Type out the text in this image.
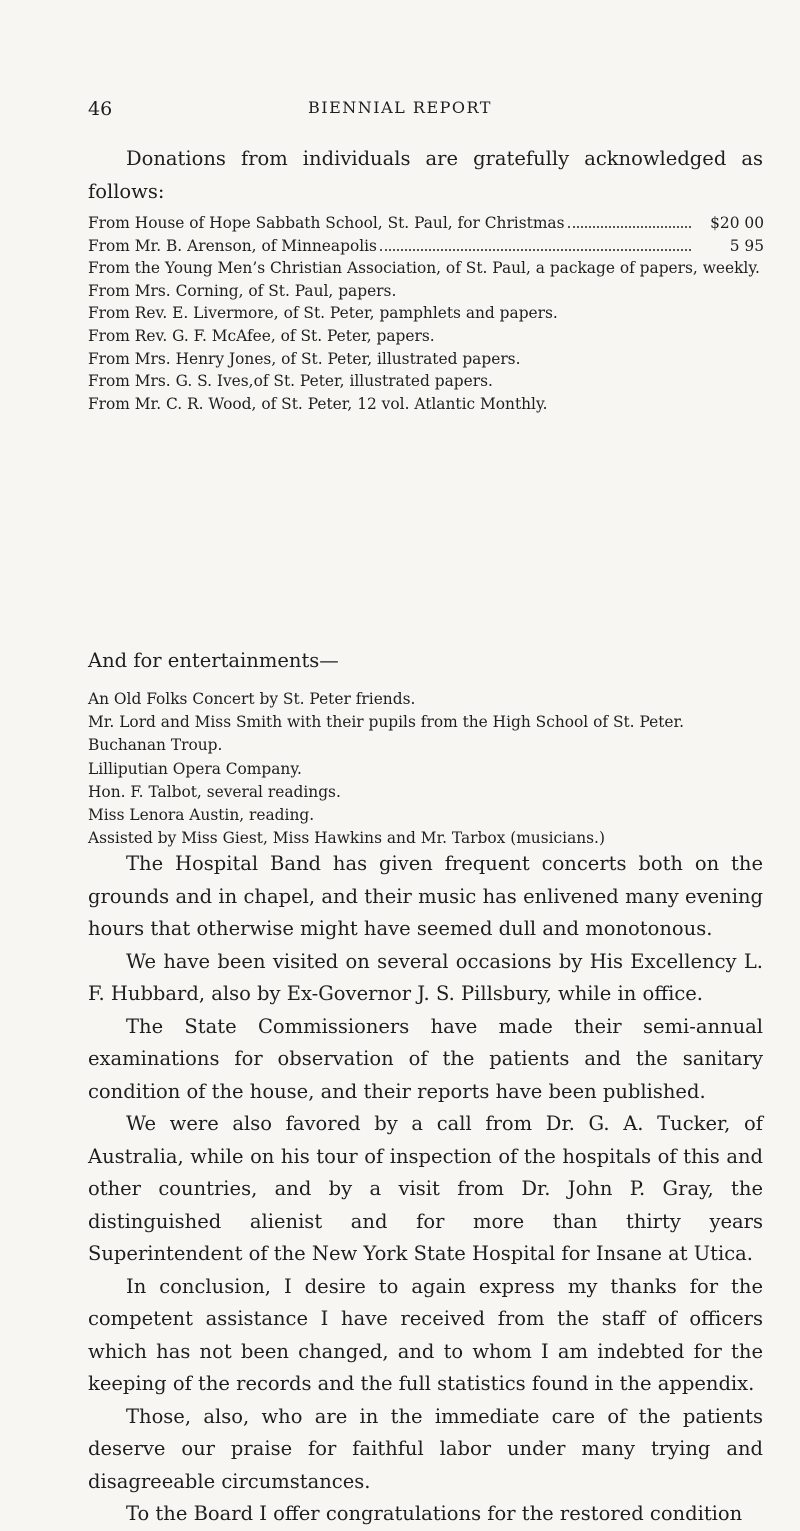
46	BIENNIAL REPORT
Donations from individuals are gratefully acknowledged as follows:
From House of Hope Sabbath School, St. Paul, for Christmas	$20 00
From Mr. B. Arenson, of Minneapolis	5 95
From the Young Men’s Christian Association, of St. Paul, a package of papers, weekly.
From Mrs. Corning, of St. Paul, papers.
From Rev. E. Livermore, of St. Peter, pamphlets and papers.
From Rev. G. F. McAfee, of St. Peter, papers.
From Mrs. Henry Jones, of St. Peter, illustrated papers.
From Mrs. G. S. Ives,of St. Peter, illustrated papers.
From Mr. C. R. Wood, of St. Peter, 12 vol. Atlantic Monthly.
And for entertainments—
An Old Folks Concert by St. Peter friends.
Mr. Lord and Miss Smith with their pupils from the High School of St. Peter.
Buchanan Troup.
Lilliputian Opera Company.
Hon. F. Talbot, several readings.
Miss Lenora Austin, reading.
Assisted by Miss Giest, Miss Hawkins and Mr. Tarbox (musicians.)

The Hospital Band has given frequent concerts both on the grounds and in chapel, and their music has enlivened many evening hours that otherwise might have seemed dull and monotonous.

We have been visited on several occasions by His Excellency L. F. Hubbard, also by Ex-Governor J. S. Pillsbury, while in office.

The State Commissioners have made their semi-annual examinations for observation of the patients and the sanitary condition of the house, and their reports have been published.

We were also favored by a call from Dr. G. A. Tucker, of Australia, while on his tour of inspection of the hospitals of this and other countries, and by a visit from Dr. John P. Gray, the distinguished alienist and for more than thirty years Superintendent of the New York State Hospital for Insane at Utica.

In conclusion, I desire to again express my thanks for the competent assistance I have received from the staff of officers which has not been changed, and to whom I am indebted for the keeping of the records and the full statistics found in the appendix.

Those, also, who are in the immediate care of the patients deserve our praise for faithful labor under many trying and disagreeable circumstances.

To the Board I offer congratulations for the restored condition
